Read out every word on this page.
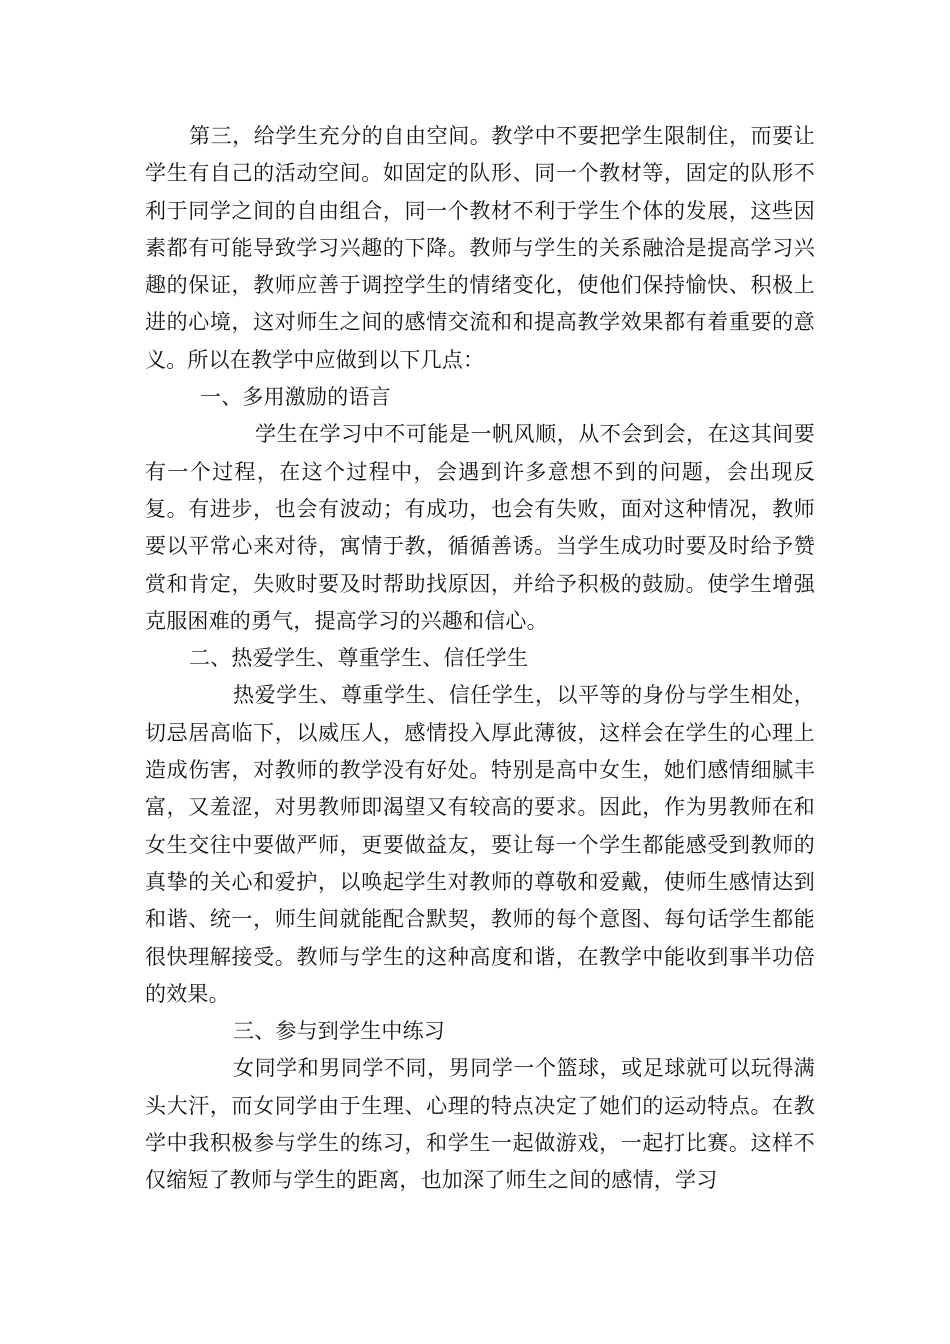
第三，给学生充分的自由空间。教学中不要把学生限制住，而要让学生有自己的活动空间。如固定的队形、同一个教材等，固定的队形不利于同学之间的自由组合，同一个教材不利于学生个体的发展，这些因素都有可能导致学习兴趣的下降。教师与学生的关系融洽是提高学习兴趣的保证，教师应善于调控学生的情绪变化，使他们保持愉快、积极上进的心境，这对师生之间的感情交流和和提高教学效果都有着重要的意义。所以在教学中应做到以下几点：

一、多用激励的语言

学生在学习中不可能是一帆风顺，从不会到会，在这其间要有一个过程，在这个过程中，会遇到许多意想不到的问题，会出现反复。有进步，也会有波动；有成功，也会有失败，面对这种情况，教师要以平常心来对待，寓情于教，循循善诱。当学生成功时要及时给予赞赏和肯定，失败时要及时帮助找原因，并给予积极的鼓励。使学生增强克服困难的勇气，提高学习的兴趣和信心。

二、热爱学生、尊重学生、信任学生

热爱学生、尊重学生、信任学生，以平等的身份与学生相处，切忌居高临下，以威压人，感情投入厚此薄彼，这样会在学生的心理上造成伤害，对教师的教学没有好处。特别是高中女生，她们感情细腻丰富，又羞涩，对男教师即渴望又有较高的要求。因此，作为男教师在和女生交往中要做严师，更要做益友，要让每一个学生都能感受到教师的真挚的关心和爱护，以唤起学生对教师的尊敬和爱戴，使师生感情达到和谐、统一，师生间就能配合默契，教师的每个意图、每句话学生都能很快理解接受。教师与学生的这种高度和谐，在教学中能收到事半功倍的效果。

三、参与到学生中练习

女同学和男同学不同，男同学一个篮球，或足球就可以玩得满头大汗，而女同学由于生理、心理的特点决定了她们的运动特点。在教学中我积极参与学生的练习，和学生一起做游戏，一起打比赛。这样不仅缩短了教师与学生的距离，也加深了师生之间的感情，学习
